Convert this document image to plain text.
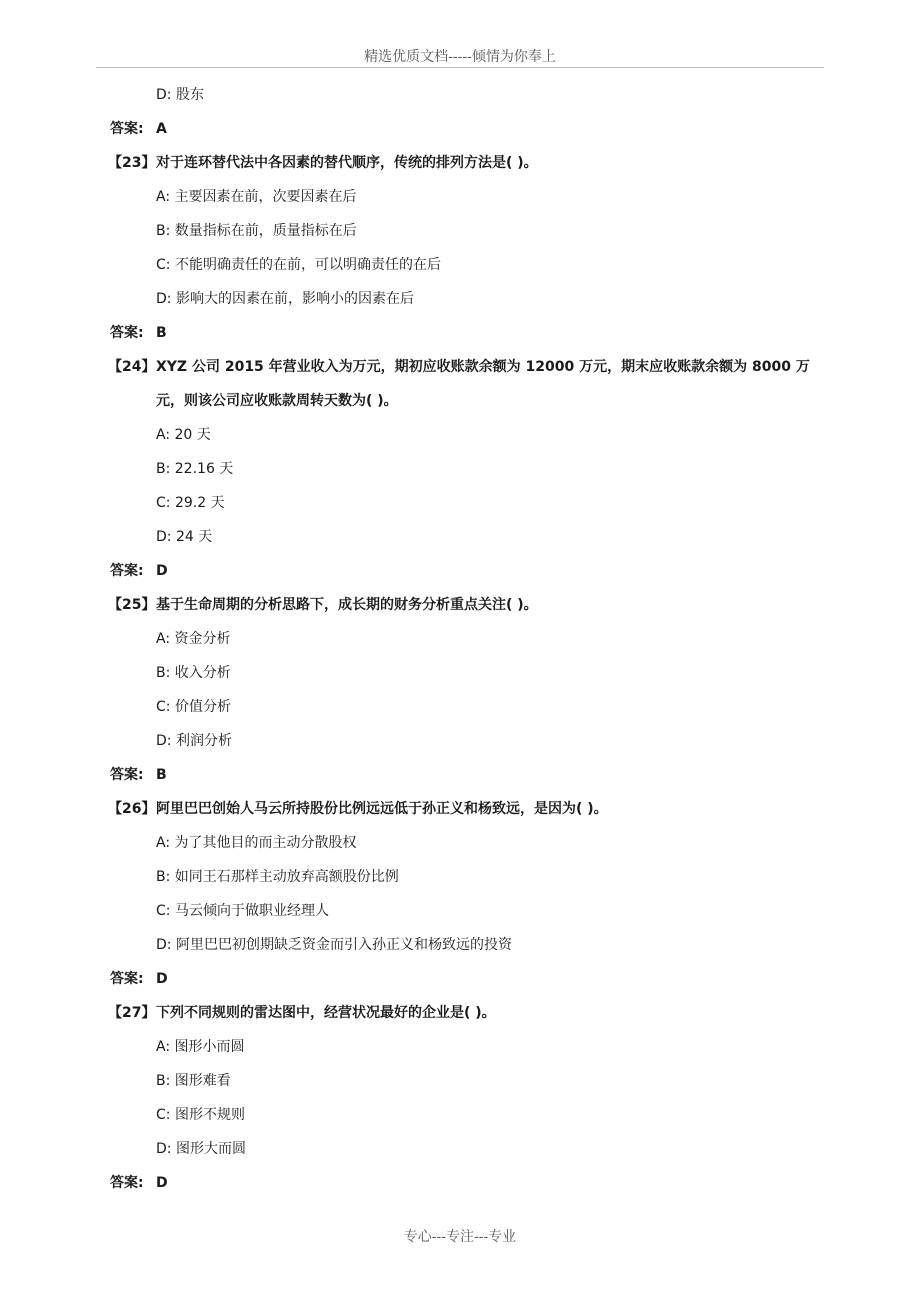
精选优质文档-----倾情为你奉上
D: 股东
答案: A
【23】 对于连环替代法中各因素的替代顺序，传统的排列方法是( )。
A: 主要因素在前，次要因素在后
B: 数量指标在前，质量指标在后
C: 不能明确责任的在前，可以明确责任的在后
D: 影响大的因素在前，影响小的因素在后
答案: B
【24】 XYZ 公司 2015 年营业收入为万元，期初应收账款余额为 12000 万元，期末应收账款余额为 8000 万
元，则该公司应收账款周转天数为( )。
A: 20 天
B: 22.16 天
C: 29.2 天
D: 24 天
答案: D
【25】 基于生命周期的分析思路下，成长期的财务分析重点关注( )。
A: 资金分析
B: 收入分析
C: 价值分析
D: 利润分析
答案: B
【26】 阿里巴巴创始人马云所持股份比例远远低于孙正义和杨致远，是因为( )。
A: 为了其他目的而主动分散股权
B: 如同王石那样主动放弃高额股份比例
C: 马云倾向于做职业经理人
D: 阿里巴巴初创期缺乏资金而引入孙正义和杨致远的投资
答案: D
【27】 下列不同规则的雷达图中，经营状况最好的企业是( )。
A: 图形小而圆
B: 图形难看
C: 图形不规则
D: 图形大而圆
答案: D
专心---专注---专业
